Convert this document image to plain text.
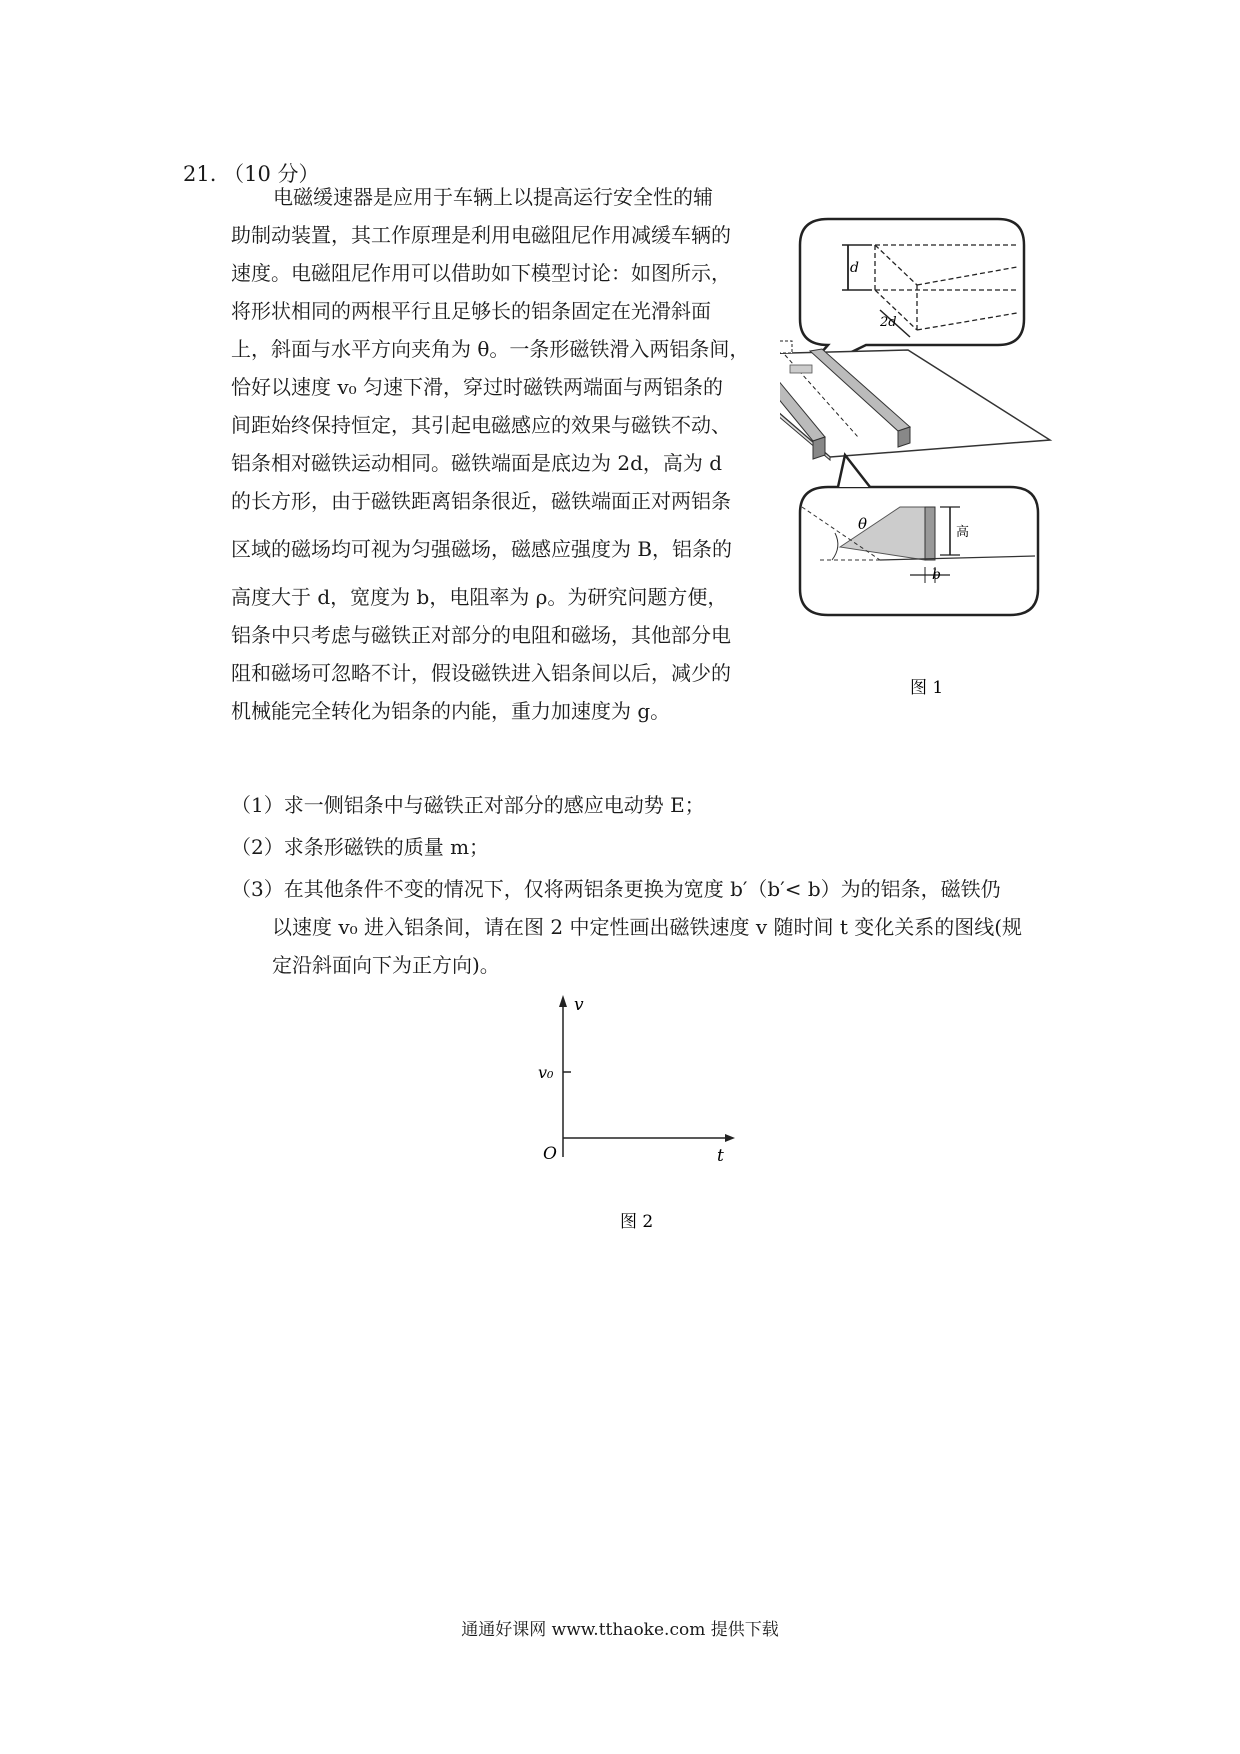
21. （10 分）
电磁缓速器是应用于车辆上以提高运行安全性的辅
助制动装置，其工作原理是利用电磁阻尼作用减缓车辆的
速度。电磁阻尼作用可以借助如下模型讨论：如图所示，
将形状相同的两根平行且足够长的铝条固定在光滑斜面
上，斜面与水平方向夹角为 θ。一条形磁铁滑入两铝条间，
恰好以速度 v₀ 匀速下滑，穿过时磁铁两端面与两铝条的
间距始终保持恒定，其引起电磁感应的效果与磁铁不动、
铝条相对磁铁运动相同。磁铁端面是底边为 2d，高为 d
的长方形，由于磁铁距离铝条很近，磁铁端面正对两铝条
区域的磁场均可视为匀强磁场，磁感应强度为 B，铝条的
高度大于 d，宽度为 b，电阻率为 ρ。为研究问题方便，
铝条中只考虑与磁铁正对部分的电阻和磁场，其他部分电
阻和磁场可忽略不计，假设磁铁进入铝条间以后，减少的
机械能完全转化为铝条的内能，重力加速度为 g。
（1）求一侧铝条中与磁铁正对部分的感应电动势 E；
（2）求条形磁铁的质量 m；
（3）在其他条件不变的情况下，仅将两铝条更换为宽度 b′（b′< b）为的铝条，磁铁仍
以速度 v₀ 进入铝条间，请在图 2 中定性画出磁铁速度 v 随时间 t 变化关系的图线(规
定沿斜面向下为正方向)。
d
2d
θ	高
b
图 1
v
t
O
v₀
图 2
通通好课网 www.tthaoke.com 提供下载
